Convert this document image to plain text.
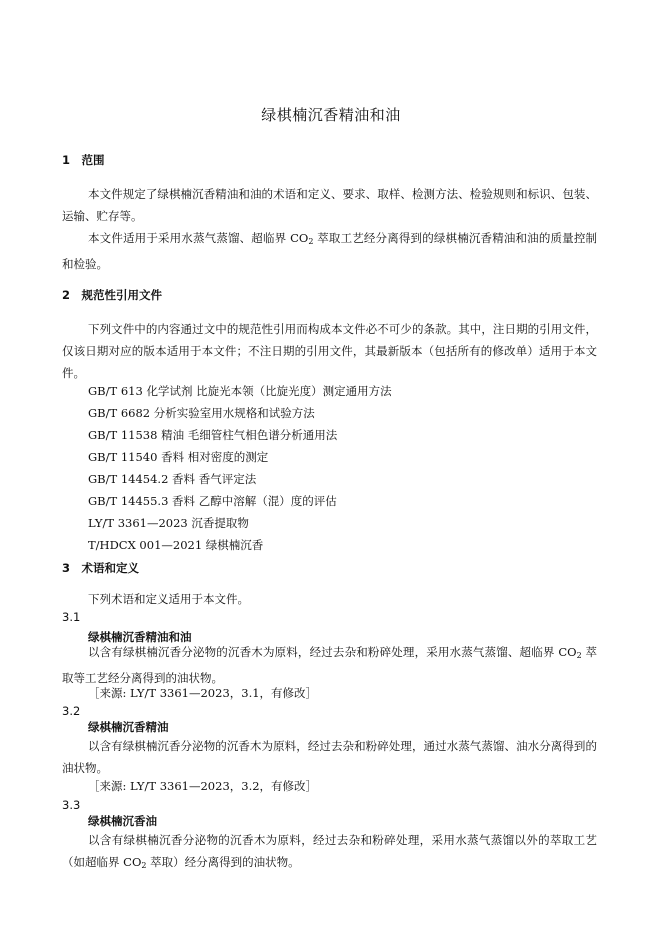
绿棋楠沉香精油和油
1　范围
本文件规定了绿棋楠沉香精油和油的术语和定义、要求、取样、检测方法、检验规则和标识、包装、运输、贮存等。
本文件适用于采用水蒸气蒸馏、超临界 $CO_2$ 萃取工艺经分离得到的绿棋楠沉香精油和油的质量控制和检验。
2　规范性引用文件
下列文件中的内容通过文中的规范性引用而构成本文件必不可少的条款。其中，注日期的引用文件，仅该日期对应的版本适用于本文件；不注日期的引用文件，其最新版本（包括所有的修改单）适用于本文件。
GB/T 613 化学试剂 比旋光本领（比旋光度）测定通用方法
GB/T 6682 分析实验室用水规格和试验方法
GB/T 11538 精油 毛细管柱气相色谱分析通用法
GB/T 11540 香料 相对密度的测定
GB/T 14454.2 香料 香气评定法
GB/T 14455.3 香料 乙醇中溶解（混）度的评估
LY/T 3361—2023 沉香提取物
T/HDCX 001—2021 绿棋楠沉香
3　术语和定义
下列术语和定义适用于本文件。
3.1
绿棋楠沉香精油和油
以含有绿棋楠沉香分泌物的沉香木为原料，经过去杂和粉碎处理，采用水蒸气蒸馏、超临界 $CO_2$ 萃取等工艺经分离得到的油状物。
［来源: LY/T 3361—2023，3.1，有修改］
3.2
绿棋楠沉香精油
以含有绿棋楠沉香分泌物的沉香木为原料，经过去杂和粉碎处理，通过水蒸气蒸馏、油水分离得到的油状物。
［来源: LY/T 3361—2023，3.2，有修改］
3.3
绿棋楠沉香油
以含有绿棋楠沉香分泌物的沉香木为原料，经过去杂和粉碎处理，采用水蒸气蒸馏以外的萃取工艺（如超临界 $CO_2$ 萃取）经分离得到的油状物。
